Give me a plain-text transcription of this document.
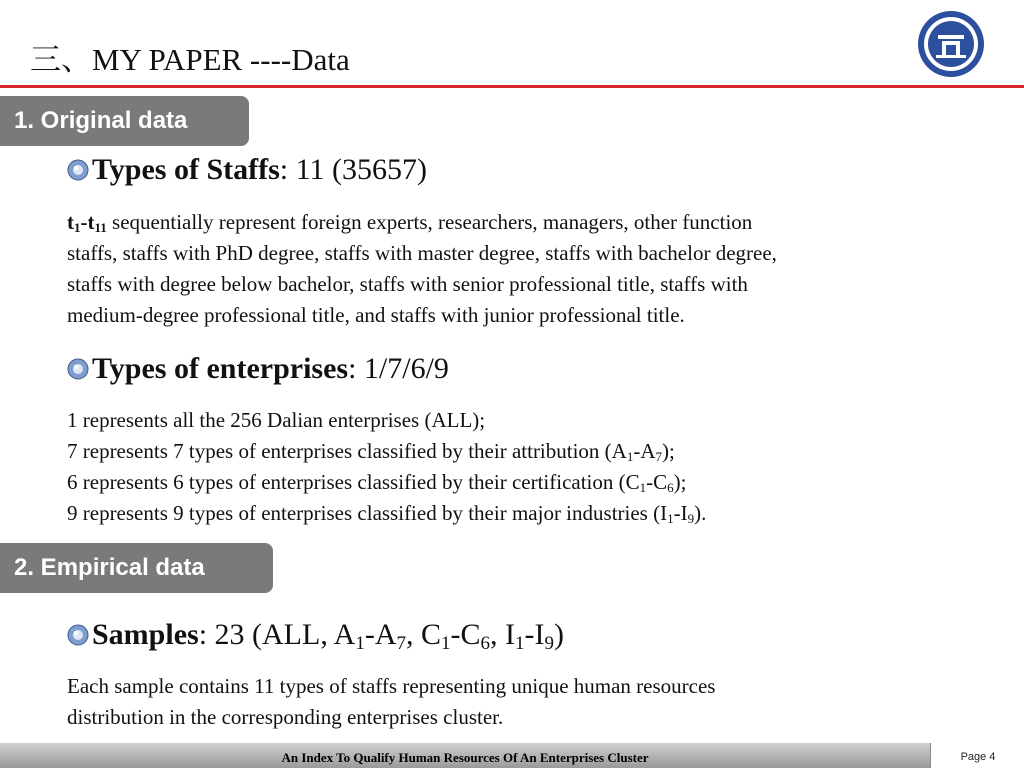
三、MY PAPER ----Data
1. Original data
Types of Staffs: 11 (35657)
$t_1-t_{11}$ sequentially represent foreign experts, researchers, managers, other function
staffs, staffs with PhD degree, staffs with master degree, staffs with bachelor degree,
staffs with degree below bachelor, staffs with senior professional title, staffs with
medium-degree professional title, and staffs with junior professional title.
Types of enterprises: 1/7/6/9
1 represents all the 256 Dalian enterprises (ALL);
7 represents 7 types of enterprises classified by their attribution $(A_1-A_7)$;
6 represents 6 types of enterprises classified by their certification $(C_1-C_6)$;
9 represents 9 types of enterprises classified by their major industries $(I_1-I_9)$.
2. Empirical data
Samples: 23 (ALL, $A_1-A_7$, $C_1-C_6$, $I_1-I_9$)
Each sample contains 11 types of staffs representing unique human resources
distribution in the corresponding enterprises cluster.
An Index To Qualify Human Resources Of An Enterprises Cluster	Page 4
